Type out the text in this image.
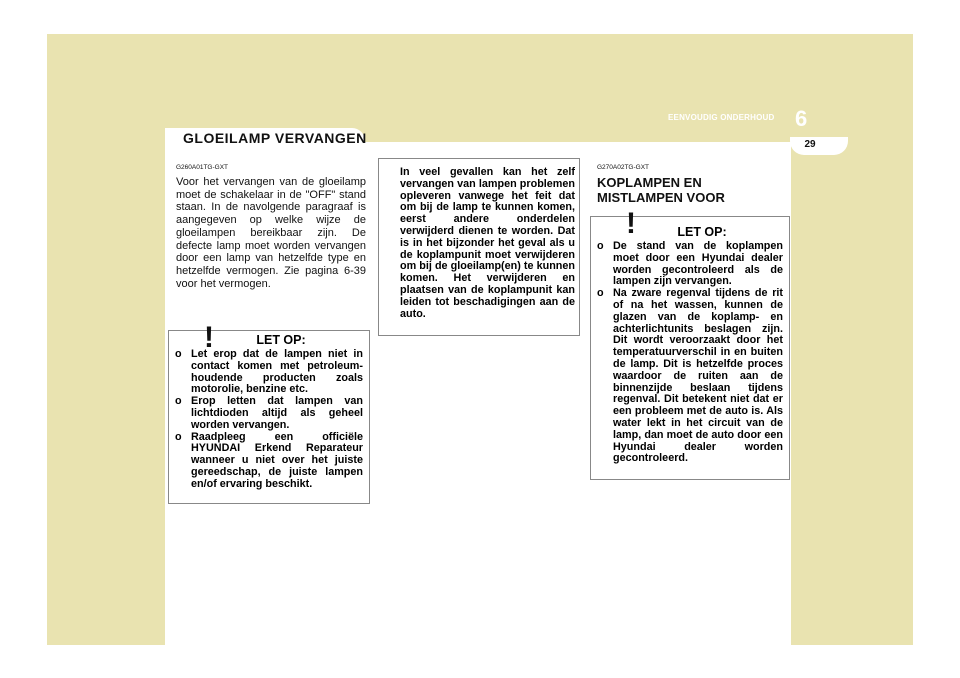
GLOEILAMP VERVANGEN	29
6
EENVOUDIG ONDERHOUD
G260A01TG-GXT
Voor het vervangen van de gloeilamp moet de schakelaar in de "OFF" stand staan. In de navolgende paragraaf is aangegeven op welke wijze de gloeilampen bereikbaar zijn. De defecte lamp moet worden vervangen door een lamp van hetzelfde type en hetzelfde vermogen. Zie pagina 6-39 voor het vermogen.
!	LET OP:
o Let erop dat de lampen niet in contact komen met petroleum-houdende producten zoals motorolie, benzine etc.
o Erop letten dat lampen van lichtdioden altijd als geheel worden vervangen.
o Raadpleeg een officiële HYUNDAI Erkend Reparateur wanneer u niet over het juiste gereedschap, de juiste lampen en/of ervaring beschikt.
In veel gevallen kan het zelf vervangen van lampen problemen opleveren vanwege het feit dat om bij de lamp te kunnen komen, eerst andere onderdelen verwijderd dienen te worden. Dat is in het bijzonder het geval als u de koplampunit moet verwijderen om bij de gloeilamp(en) te kunnen komen. Het verwijderen en plaatsen van de koplampunit kan leiden tot beschadigingen aan de auto.
G270A02TG-GXT
KOPLAMPEN EN MISTLAMPEN VOOR
!	LET OP:
o De stand van de koplampen moet door een Hyundai dealer worden gecontroleerd als de lampen zijn vervangen.
o Na zware regenval tijdens de rit of na het wassen, kunnen de glazen van de koplamp- en achterlichtunits beslagen zijn. Dit wordt veroorzaakt door het temperatuurverschil in en buiten de lamp. Dit is hetzelfde proces waardoor de ruiten aan de binnenzijde beslaan tijdens regenval. Dit betekent niet dat er een probleem met de auto is. Als water lekt in het circuit van de lamp, dan moet de auto door een Hyundai dealer worden gecontroleerd.
